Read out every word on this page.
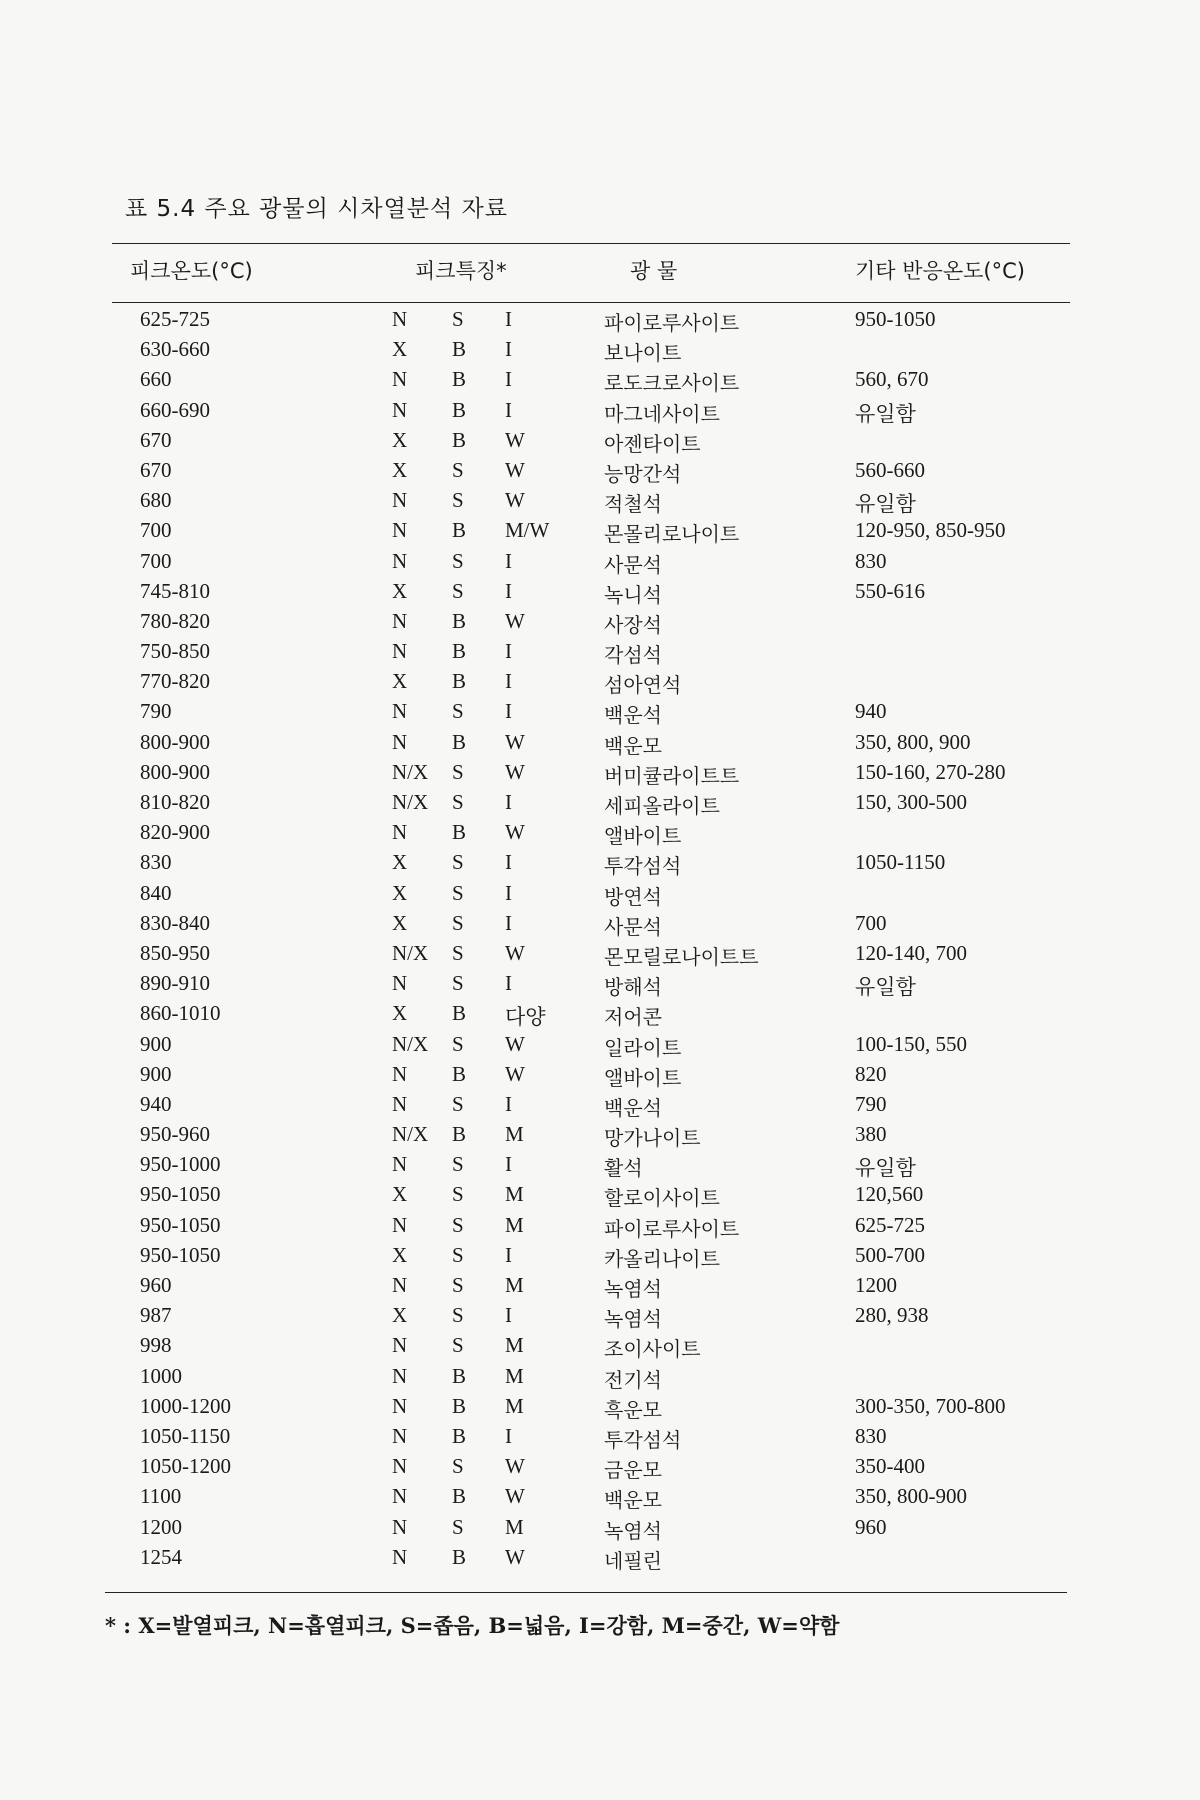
표 5.4 주요 광물의 시차열분석 자료
피크온도(°C)	피크특징*	광 물	기타 반응온도(°C)
625-725	N S I	파이로루사이트	950-1050
630-660	X B I	보나이트
660	N B I	로도크로사이트	560, 670
660-690	N B I	마그네사이트	유일함
670	X B W	아젠타이트
670	X S W	능망간석	560-660
680	N S W	적철석	유일함
700	N B M/W	몬몰리로나이트	120-950, 850-950
700	N S I	사문석	830
745-810	X S I	녹니석	550-616
780-820	N B W	사장석
750-850	N B I	각섬석
770-820	X B I	섬아연석
790	N S I	백운석	940
800-900	N B W	백운모	350, 800, 900
800-900	N/X S W	버미큘라이트트	150-160, 270-280
810-820	N/X S I	세피올라이트	150, 300-500
820-900	N B W	앨바이트
830	X S I	투각섬석	1050-1150
840	X S I	방연석
830-840	X S I	사문석	700
850-950	N/X S W	몬모릴로나이트트	120-140, 700
890-910	N S I	방해석	유일함
860-1010	X B 다양	저어콘
900	N/X S W	일라이트	100-150, 550
900	N B W	앨바이트	820
940	N S I	백운석	790
950-960	N/X B M	망가나이트	380
950-1000	N S I	활석	유일함
950-1050	X S M	할로이사이트	120,560
950-1050	N S M	파이로루사이트	625-725
950-1050	X S I	카올리나이트	500-700
960	N S M	녹염석	1200
987	X S I	녹염석	280, 938
998	N S M	조이사이트
1000	N B M	전기석
1000-1200	N B M	흑운모	300-350, 700-800
1050-1150	N B I	투각섬석	830
1050-1200	N S W	금운모	350-400
1100	N B W	백운모	350, 800-900
1200	N S M	녹염석	960
1254	N B W	네필린
* : X=발열피크, N=흡열피크, S=좁음, B=넓음, I=강함, M=중간, W=약함
